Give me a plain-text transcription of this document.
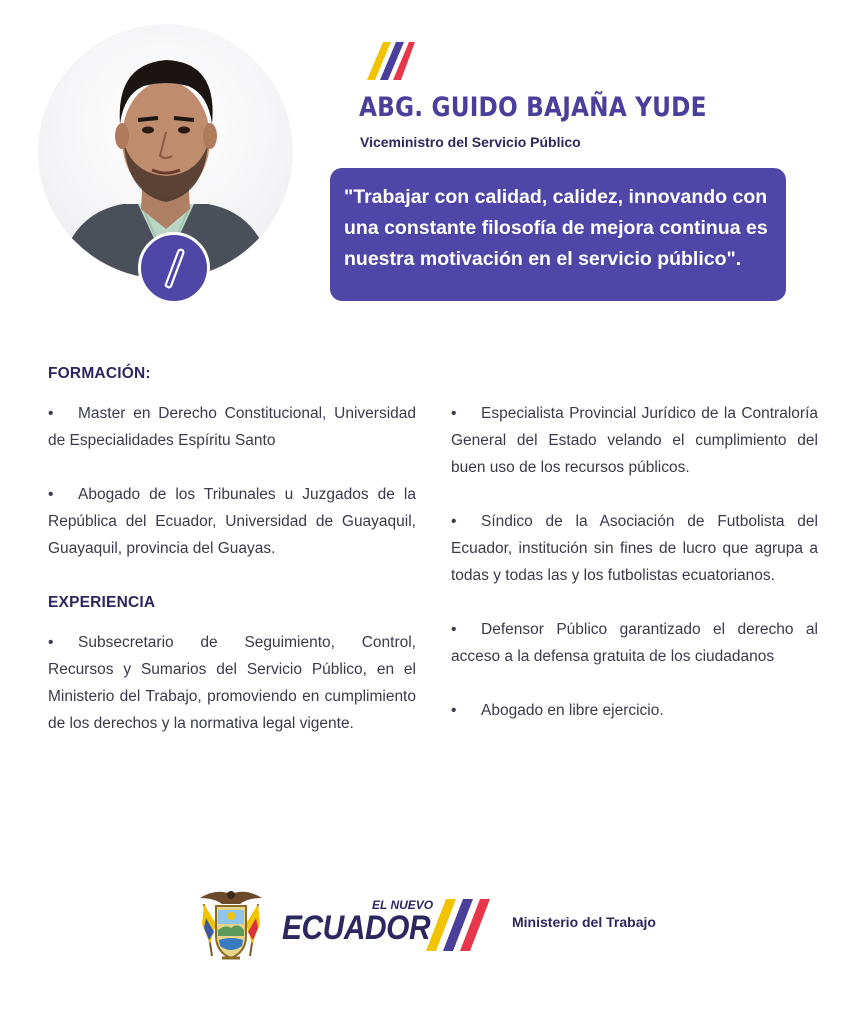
ABG. GUIDO BAJAÑA YUDE
Viceministro del Servicio Público
"Trabajar con calidad, calidez, innovando con una constante filosofía de mejora continua es nuestra motivación en el servicio público".
FORMACIÓN:
• Master en Derecho Constitucional, Universidad de Especialidades Espíritu Santo
• Abogado de los Tribunales u Juzgados de la República del Ecuador, Universidad de Guayaquil, Guayaquil, provincia del Guayas.
EXPERIENCIA
• Subsecretario de Seguimiento, Control, Recursos y Sumarios del Servicio Público, en el Ministerio del Trabajo, promoviendo en cumplimiento de los derechos y la normativa legal vigente.
• Especialista Provincial Jurídico de la Contraloría General del Estado velando el cumplimiento del buen uso de los recursos públicos.
• Síndico de la Asociación de Futbolista del Ecuador, institución sin fines de lucro que agrupa a todas y todas las y los futbolistas ecuatorianos.
• Defensor Público garantizado el derecho al acceso a la defensa gratuita de los ciudadanos
• Abogado en libre ejercicio.
EL NUEVO
ECUADOR	Ministerio del Trabajo
